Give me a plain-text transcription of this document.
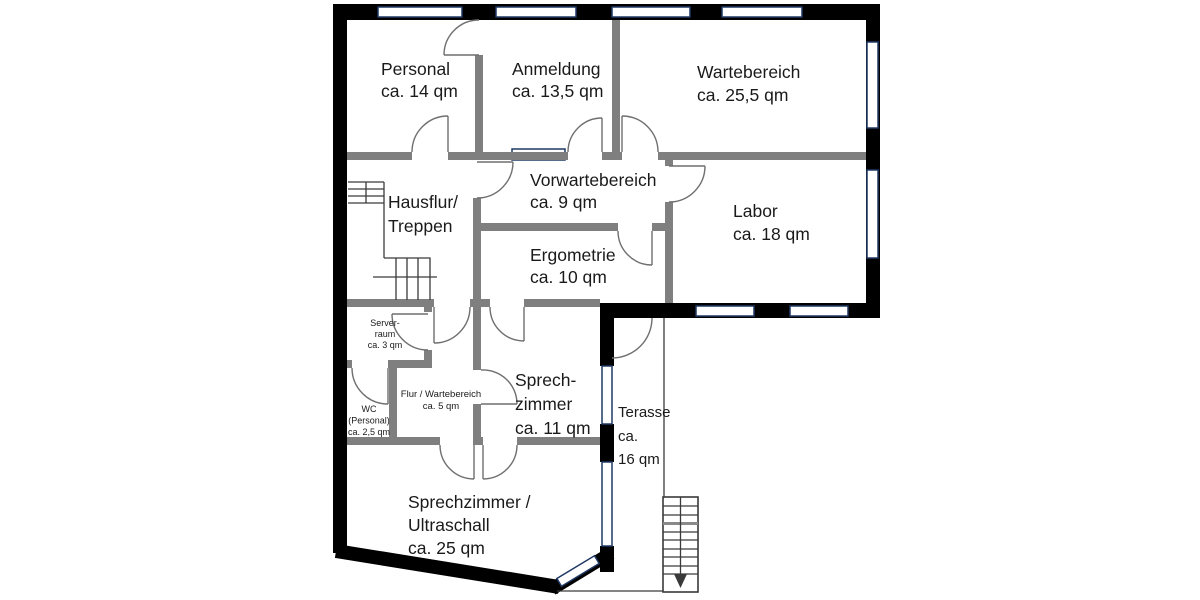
Personal
ca. 14 qm
Anmeldung
ca. 13,5 qm
Wartebereich
ca. 25,5 qm
Vorwartebereich
ca. 9 qm
Hausflur/
Treppen
Ergometrie
ca. 10 qm
Labor
ca. 18 qm
Server-
raum
ca. 3 qm
WC
(Personal)
ca. 2,5 qm
Flur / Wartebereich
ca. 5 qm
Sprech-
zimmer
ca. 11 qm
Terasse
ca.
16 qm
Sprechzimmer /
Ultraschall
ca. 25 qm
